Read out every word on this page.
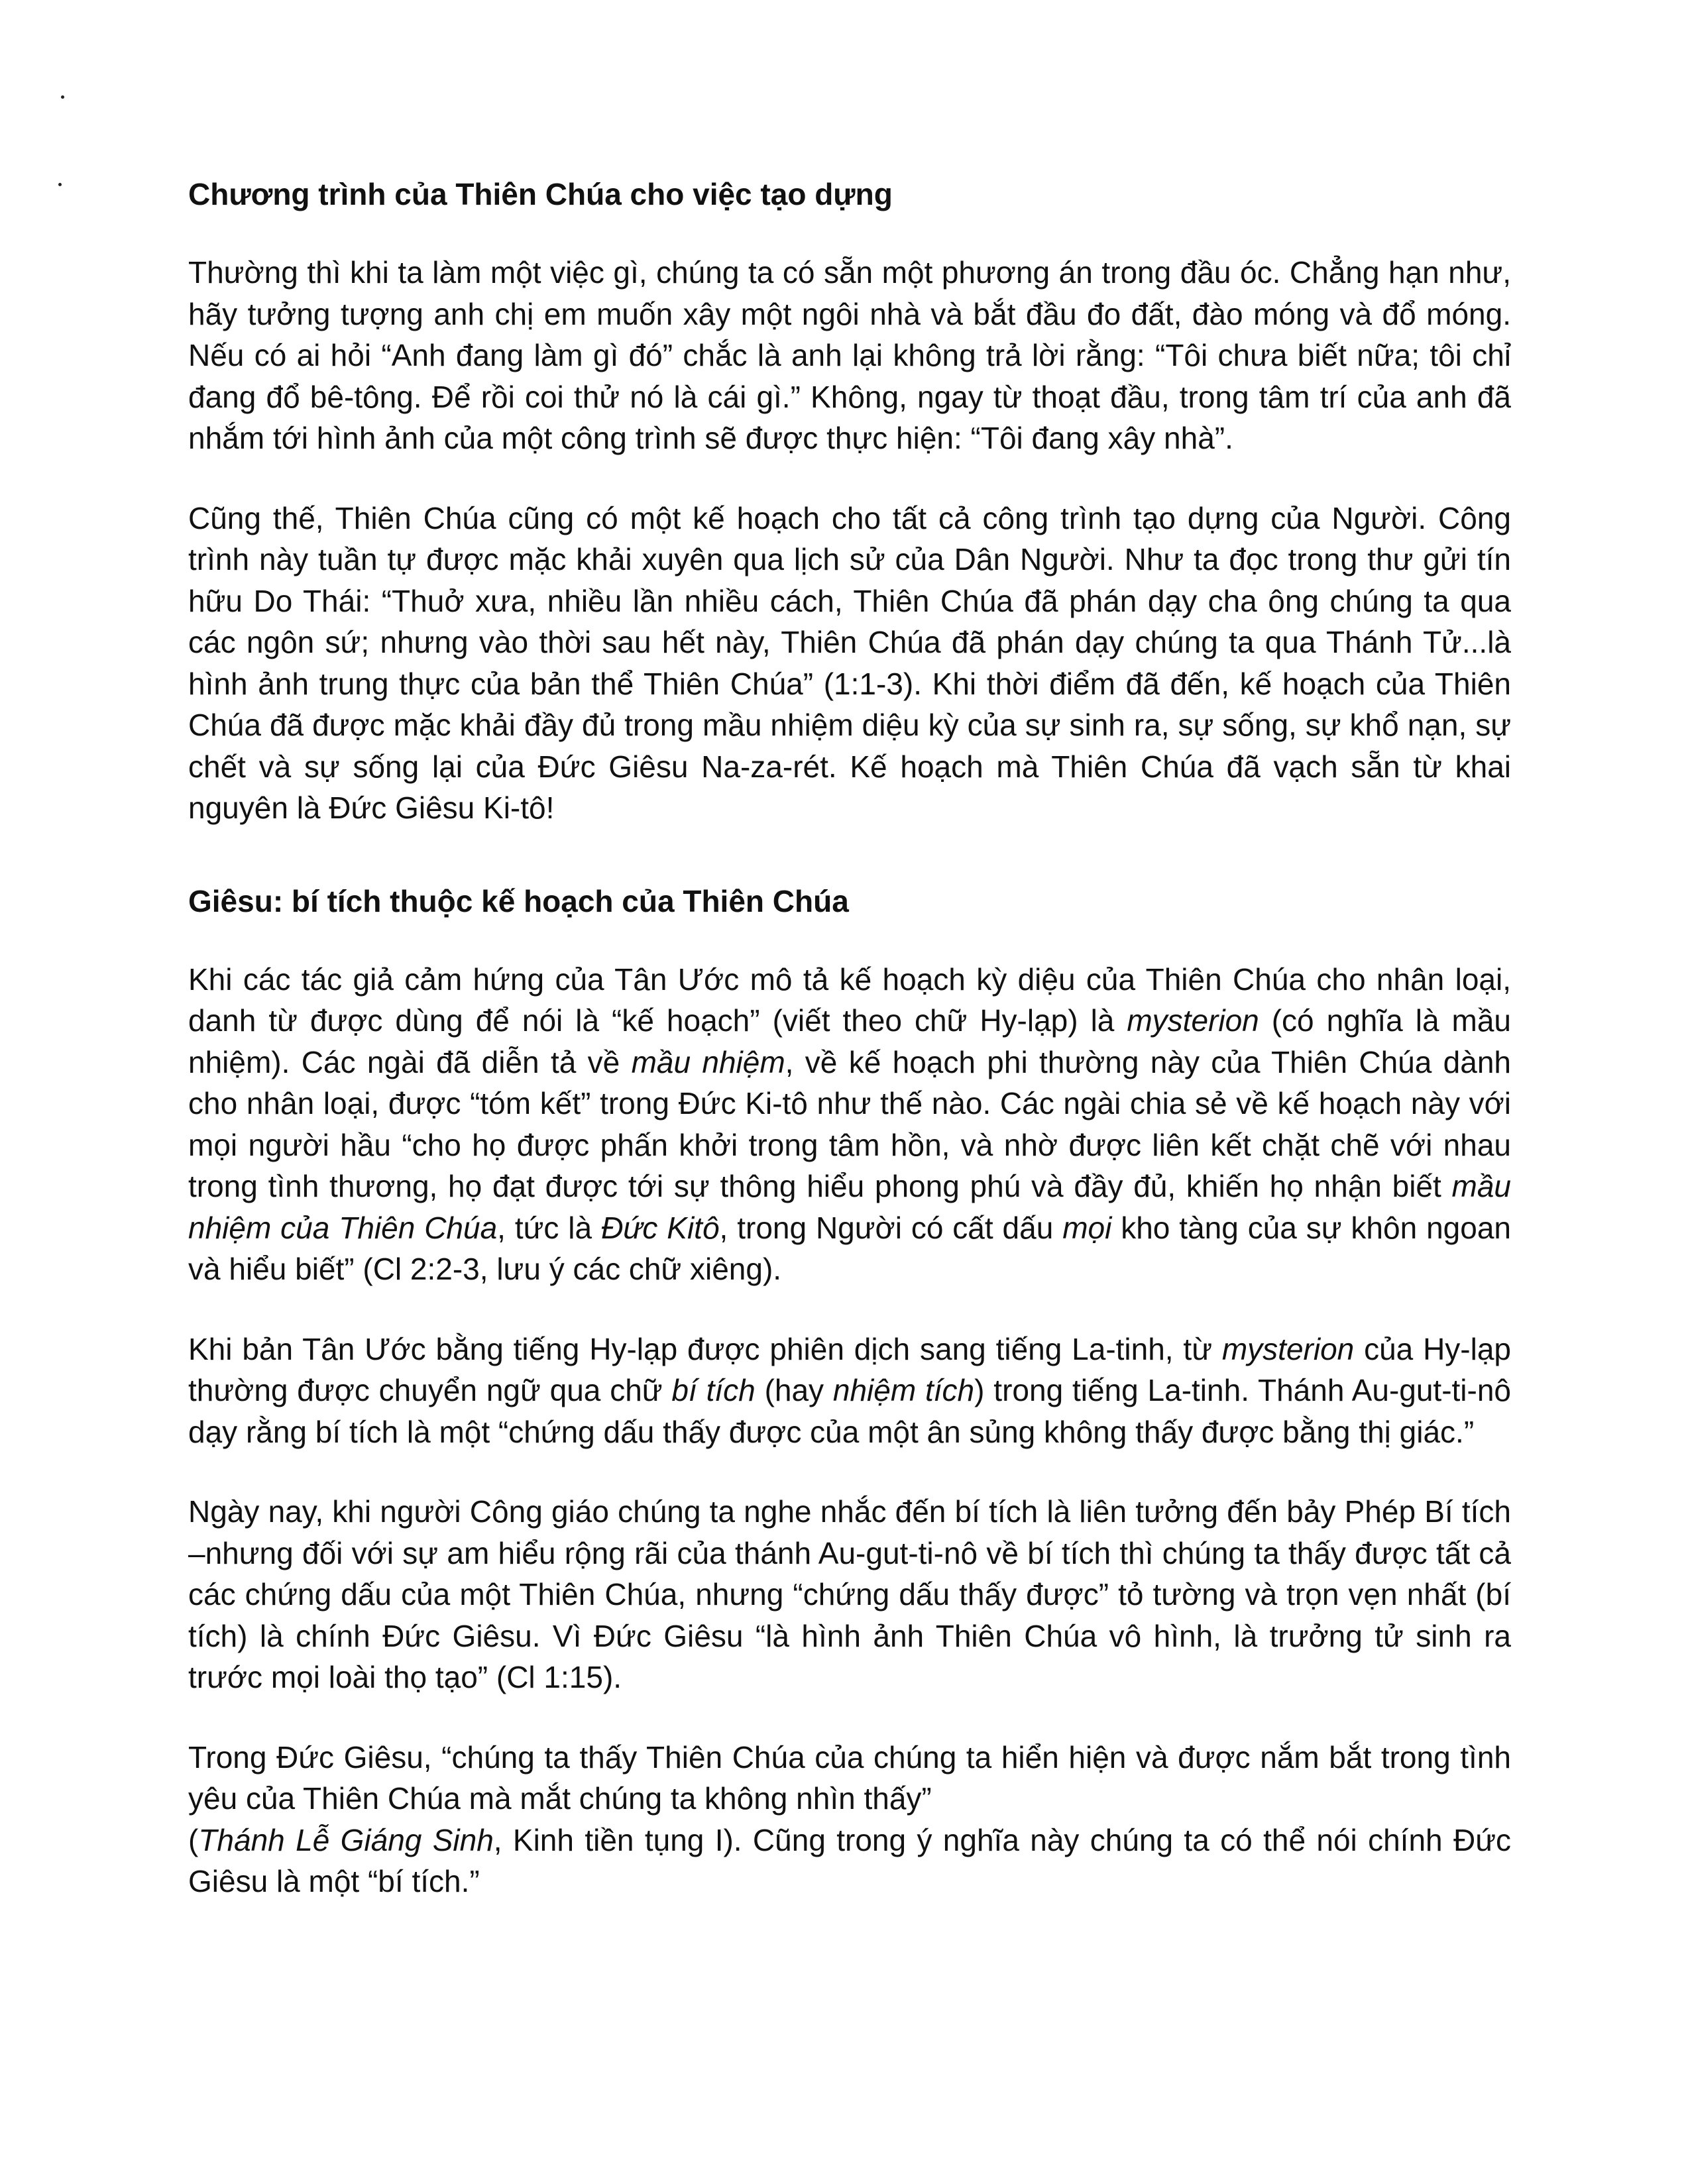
Chương trình của Thiên Chúa cho việc tạo dựng

Thường thì khi ta làm một việc gì, chúng ta có sẵn một phương án trong đầu óc. Chẳng hạn như, hãy tưởng tượng anh chị em muốn xây một ngôi nhà và bắt đầu đo đất, đào móng và đổ móng. Nếu có ai hỏi “Anh đang làm gì đó” chắc là anh lại không trả lời rằng: “Tôi chưa biết nữa; tôi chỉ đang đổ bê-tông. Để rồi coi thử nó là cái gì.” Không, ngay từ thoạt đầu, trong tâm trí của anh đã nhắm tới hình ảnh của một công trình sẽ được thực hiện: “Tôi đang xây nhà”.

Cũng thế, Thiên Chúa cũng có một kế hoạch cho tất cả công trình tạo dựng của Người. Công trình này tuần tự được mặc khải xuyên qua lịch sử của Dân Người. Như ta đọc trong thư gửi tín hữu Do Thái: “Thuở xưa, nhiều lần nhiều cách, Thiên Chúa đã phán dạy cha ông chúng ta qua các ngôn sứ; nhưng vào thời sau hết này, Thiên Chúa đã phán dạy chúng ta qua Thánh Tử...là hình ảnh trung thực của bản thể Thiên Chúa” (1:1-3). Khi thời điểm đã đến, kế hoạch của Thiên Chúa đã được mặc khải đầy đủ trong mầu nhiệm diệu kỳ của sự sinh ra, sự sống, sự khổ nạn, sự chết và sự sống lại của Đức Giêsu Na-za-rét. Kế hoạch mà Thiên Chúa đã vạch sẵn từ khai nguyên là Đức Giêsu Ki-tô!

Giêsu: bí tích thuộc kế hoạch của Thiên Chúa

Khi các tác giả cảm hứng của Tân Ước mô tả kế hoạch kỳ diệu của Thiên Chúa cho nhân loại, danh từ được dùng để nói là “kế hoạch” (viết theo chữ Hy-lạp) là mysterion (có nghĩa là mầu nhiệm). Các ngài đã diễn tả về mầu nhiệm, về kế hoạch phi thường này của Thiên Chúa dành cho nhân loại, được “tóm kết” trong Đức Ki-tô như thế nào. Các ngài chia sẻ về kế hoạch này với mọi người hầu “cho họ được phấn khởi trong tâm hồn, và nhờ được liên kết chặt chẽ với nhau trong tình thương, họ đạt được tới sự thông hiểu phong phú và đầy đủ, khiến họ nhận biết mầu nhiệm của Thiên Chúa, tức là Đức Kitô, trong Người có cất dấu mọi kho tàng của sự khôn ngoan và hiểu biết” (Cl 2:2-3, lưu ý các chữ xiêng).

Khi bản Tân Ước bằng tiếng Hy-lạp được phiên dịch sang tiếng La-tinh, từ mysterion của Hy-lạp thường được chuyển ngữ qua chữ bí tích (hay nhiệm tích) trong tiếng La-tinh. Thánh Au-gut-ti-nô dạy rằng bí tích là một “chứng dấu thấy được của một ân sủng không thấy được bằng thị giác.”

Ngày nay, khi người Công giáo chúng ta nghe nhắc đến bí tích là liên tưởng đến bảy Phép Bí tích –nhưng đối với sự am hiểu rộng rãi của thánh Au-gut-ti-nô về bí tích thì chúng ta thấy được tất cả các chứng dấu của một Thiên Chúa, nhưng “chứng dấu thấy được” tỏ tường và trọn vẹn nhất (bí tích) là chính Đức Giêsu. Vì Đức Giêsu “là hình ảnh Thiên Chúa vô hình, là trưởng tử sinh ra trước mọi loài thọ tạo” (Cl 1:15).

Trong Đức Giêsu, “chúng ta thấy Thiên Chúa của chúng ta hiển hiện và được nắm bắt trong tình yêu của Thiên Chúa mà mắt chúng ta không nhìn thấy”
(Thánh Lễ Giáng Sinh, Kinh tiền tụng I). Cũng trong ý nghĩa này chúng ta có thể nói chính Đức Giêsu là một “bí tích.”
